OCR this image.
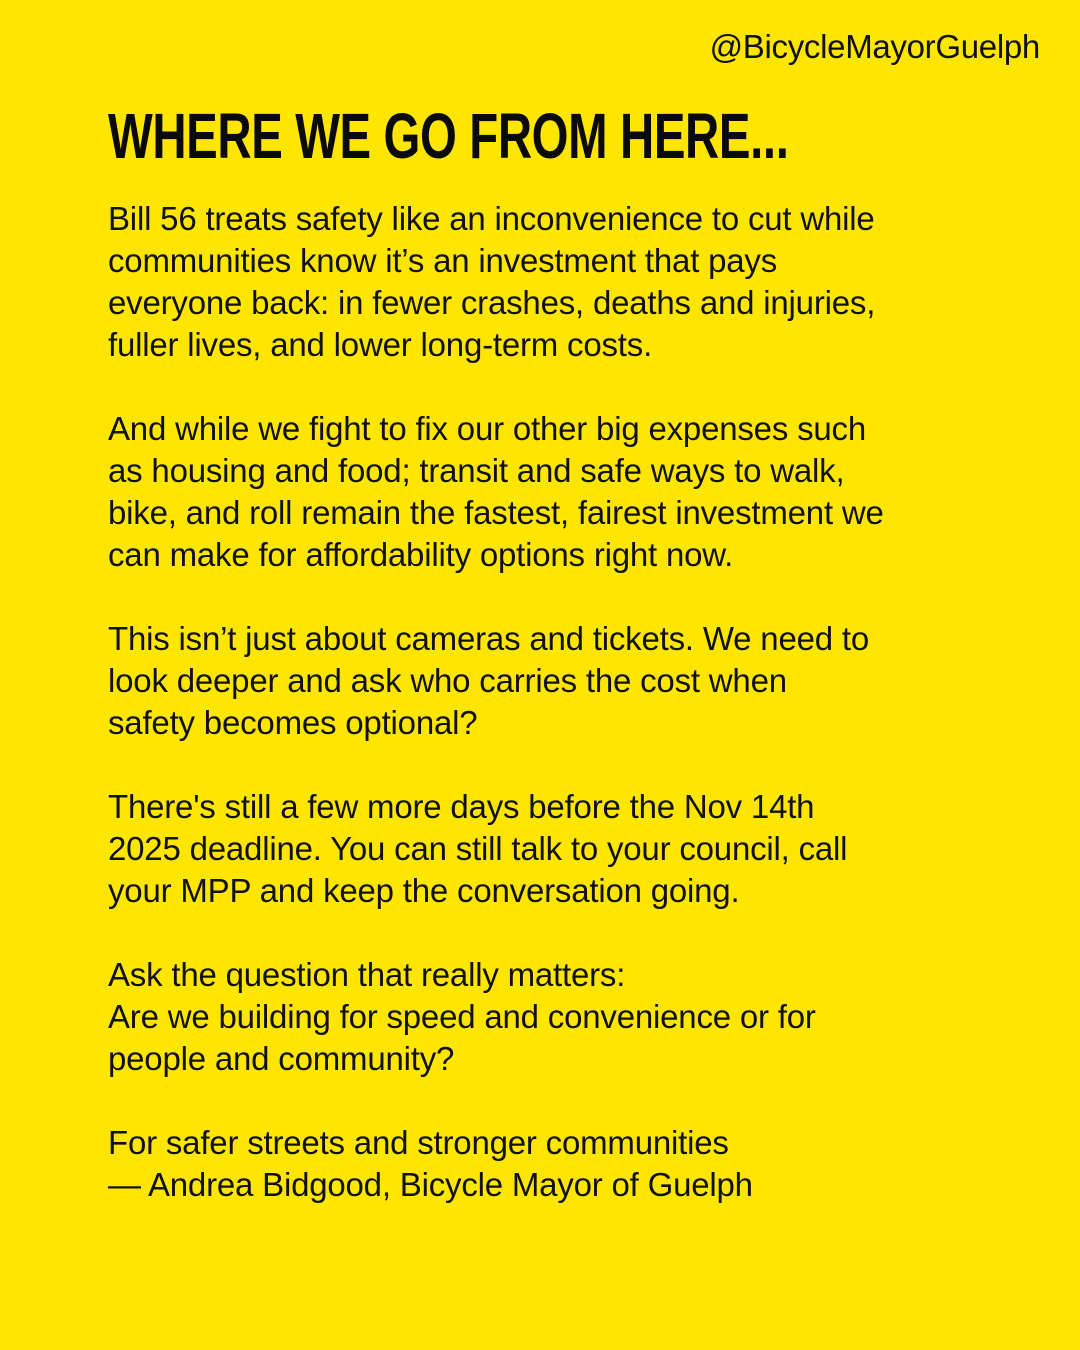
@BicycleMayorGuelph
WHERE WE GO FROM HERE...

Bill 56 treats safety like an inconvenience to cut while
communities know it’s an investment that pays
everyone back: in fewer crashes, deaths and injuries,
fuller lives, and lower long-term costs.

And while we fight to fix our other big expenses such
as housing and food; transit and safe ways to walk,
bike, and roll remain the fastest, fairest investment we
can make for affordability options right now.

This isn’t just about cameras and tickets. We need to
look deeper and ask who carries the cost when
safety becomes optional?

There's still a few more days before the Nov 14th
2025 deadline. You can still talk to your council, call
your MPP and keep the conversation going.

Ask the question that really matters:
Are we building for speed and convenience or for
people and community?

For safer streets and stronger communities
— Andrea Bidgood, Bicycle Mayor of Guelph
